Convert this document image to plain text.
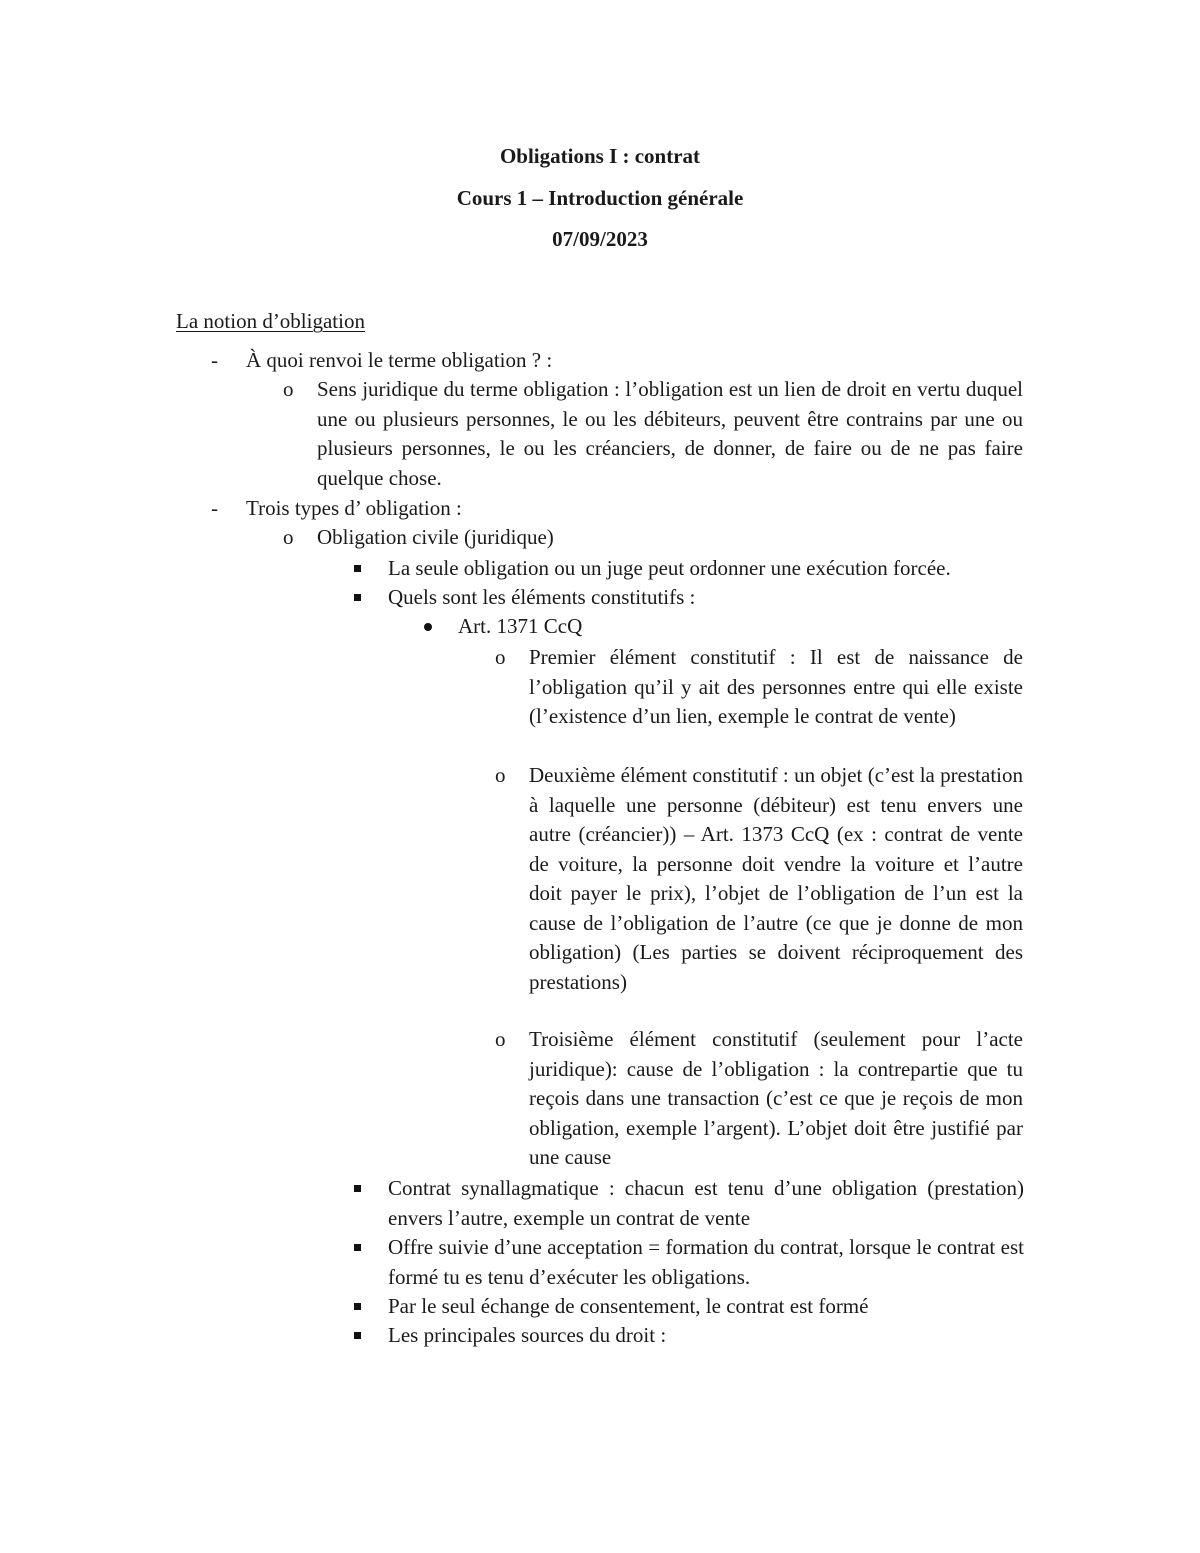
Obligations I : contrat
Cours 1 – Introduction générale
07/09/2023
La notion d’obligation
- À quoi renvoi le terme obligation ? :
o Sens juridique du terme obligation : l’obligation est un lien de droit en vertu duquel une ou plusieurs personnes, le ou les débiteurs, peuvent être contrains par une ou plusieurs personnes, le ou les créanciers, de donner, de faire ou de ne pas faire quelque chose.
- Trois types d’ obligation :
o Obligation civile (juridique)
La seule obligation ou un juge peut ordonner une exécution forcée.
Quels sont les éléments constitutifs :
Art. 1371 CcQ
o Premier élément constitutif : Il est de naissance de l’obligation qu’il y ait des personnes entre qui elle existe (l’existence d’un lien, exemple le contrat de vente)
o Deuxième élément constitutif : un objet (c’est la prestation à laquelle une personne (débiteur) est tenu envers une autre (créancier)) – Art. 1373 CcQ (ex : contrat de vente de voiture, la personne doit vendre la voiture et l’autre doit payer le prix), l’objet de l’obligation de l’un est la cause de l’obligation de l’autre (ce que je donne de mon obligation) (Les parties se doivent réciproquement des prestations)
o Troisième élément constitutif (seulement pour l’acte juridique): cause de l’obligation : la contrepartie que tu reçois dans une transaction (c’est ce que je reçois de mon obligation, exemple l’argent). L’objet doit être justifié par une cause
Contrat synallagmatique : chacun est tenu d’une obligation (prestation) envers l’autre, exemple un contrat de vente
Offre suivie d’une acceptation = formation du contrat, lorsque le contrat est formé tu es tenu d’exécuter les obligations.
Par le seul échange de consentement, le contrat est formé
Les principales sources du droit :
